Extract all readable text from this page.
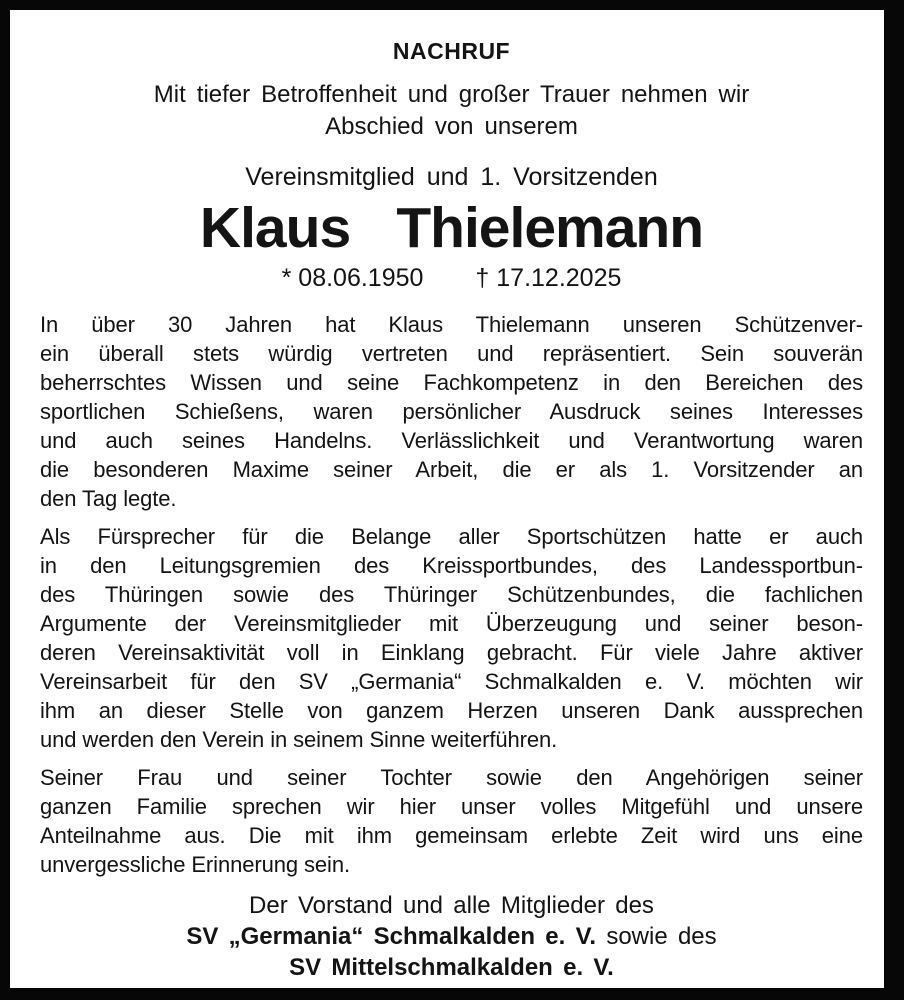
NACHRUF
Mit tiefer Betroffenheit und großer Trauer nehmen wir
Abschied von unserem
Vereinsmitglied und 1. Vorsitzenden
Klaus Thielemann
* 08.06.1950 † 17.12.2025
In über 30 Jahren hat Klaus Thielemann unseren Schützenver-
ein überall stets würdig vertreten und repräsentiert. Sein souverän
beherrschtes Wissen und seine Fachkompetenz in den Bereichen des
sportlichen Schießens, waren persönlicher Ausdruck seines Interesses
und auch seines Handelns. Verlässlichkeit und Verantwortung waren
die besonderen Maxime seiner Arbeit, die er als 1. Vorsitzender an
den Tag legte.
Als Fürsprecher für die Belange aller Sportschützen hatte er auch
in den Leitungsgremien des Kreissportbundes, des Landessportbun-
des Thüringen sowie des Thüringer Schützenbundes, die fachlichen
Argumente der Vereinsmitglieder mit Überzeugung und seiner beson-
deren Vereinsaktivität voll in Einklang gebracht. Für viele Jahre aktiver
Vereinsarbeit für den SV „Germania“ Schmalkalden e. V. möchten wir
ihm an dieser Stelle von ganzem Herzen unseren Dank aussprechen
und werden den Verein in seinem Sinne weiterführen.
Seiner Frau und seiner Tochter sowie den Angehörigen seiner
ganzen Familie sprechen wir hier unser volles Mitgefühl und unsere
Anteilnahme aus. Die mit ihm gemeinsam erlebte Zeit wird uns eine
unvergessliche Erinnerung sein.
Der Vorstand und alle Mitglieder des
SV „Germania“ Schmalkalden e. V. sowie des
SV Mittelschmalkalden e. V.
